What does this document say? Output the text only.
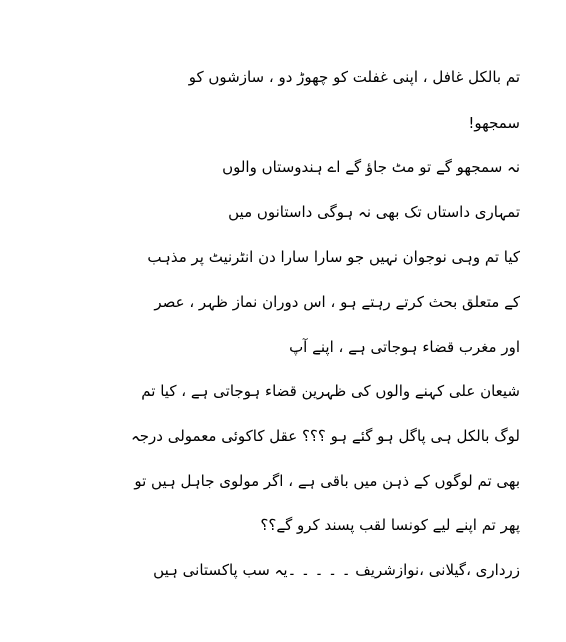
تم بالکل غافل ، اپنی غفلت کو چھوڑ دو ، سازشوں کو
سمجھو!
نہ سمجھو گے تو مٹ جاؤ گے اے ہندوستاں والوں
تمہاری داستاں تک بھی نہ ہوگی داستانوں میں
کیا تم وہی نوجوان نہیں جو سارا سارا دن انٹرنیٹ پر مذہب
کے متعلق بحث کرتے رہتے ہو ، اس دوران نماز ظہر ، عصر
اور مغرب قضاء ہوجاتی ہے ، اپنے آپ
شیعان علی کہنے والوں کی ظہرین قضاء ہوجاتی ہے ، کیا تم
لوگ بالکل ہی پاگل ہو گئے ہو ؟؟؟ عقل کاکوئی معمولی درجہ
بھی تم لوگوں کے ذہن میں باقی ہے ، اگر مولوی جاہل ہیں تو
پھر تم اپنے لیے کونسا لقب پسند کرو گے؟؟
زرداری ،گیلانی ،نوازشریف ۔ ۔ ۔ ۔ ۔یہ سب پاکستانی ہیں
